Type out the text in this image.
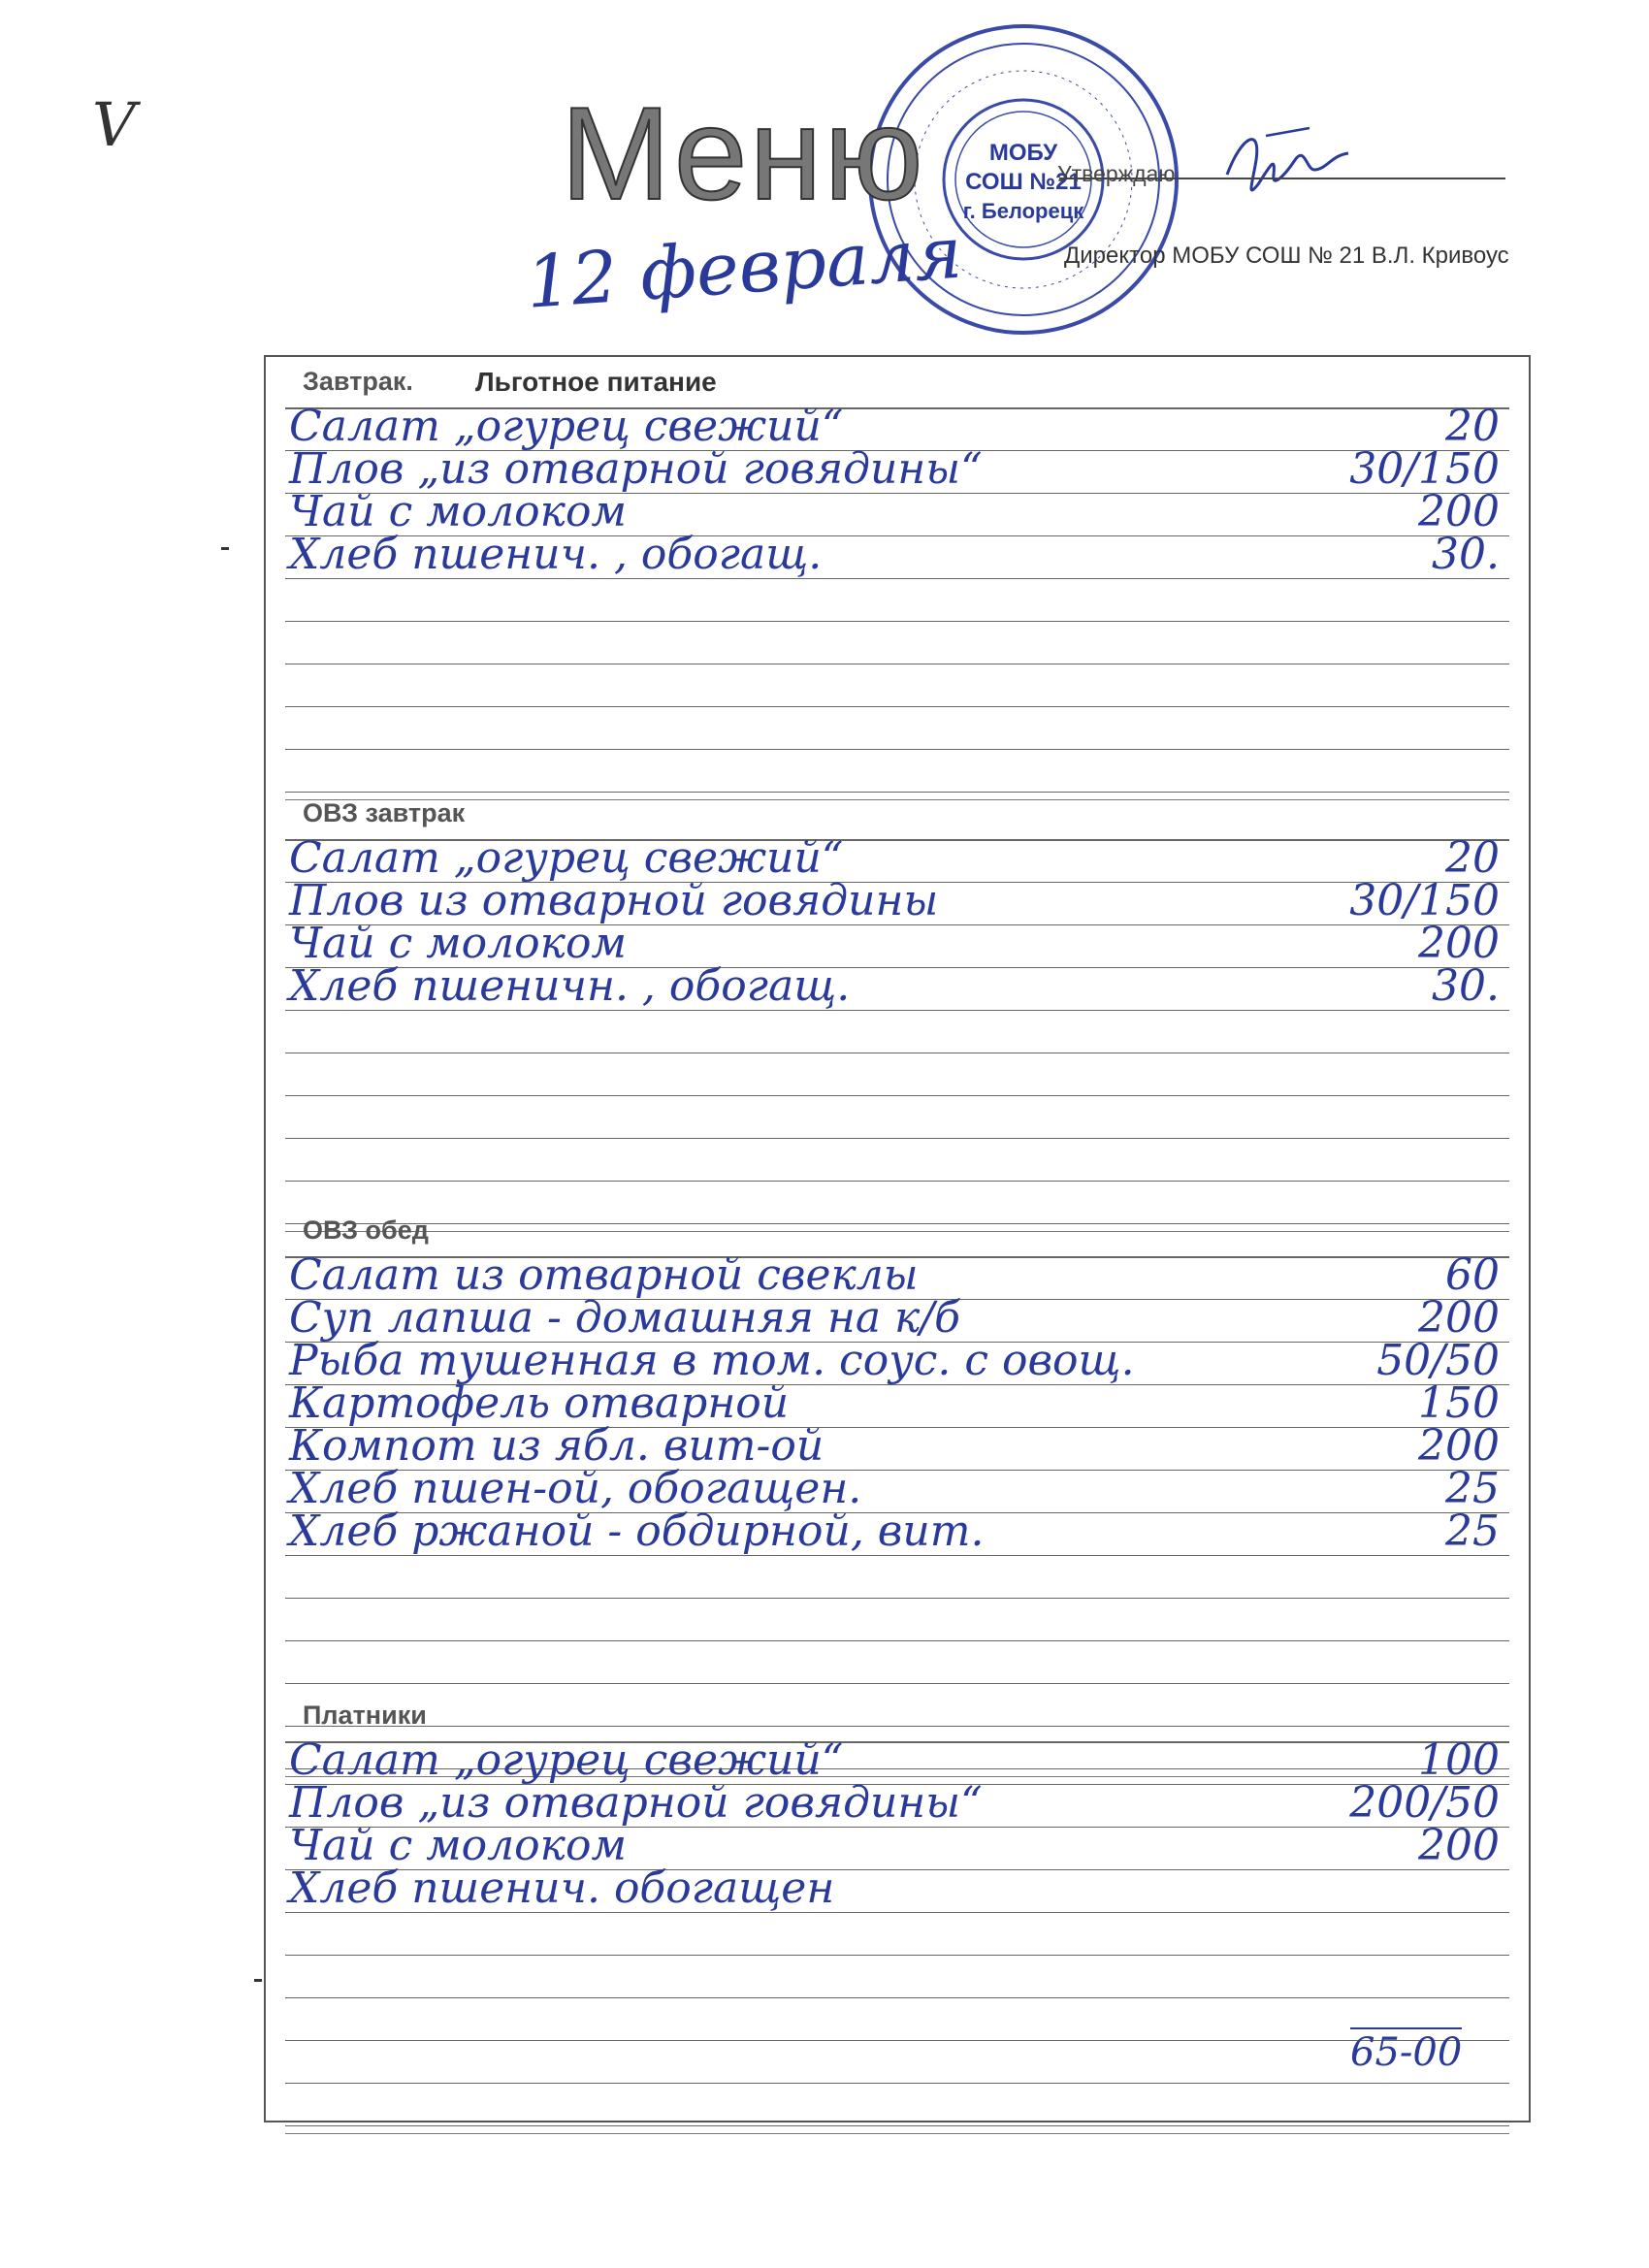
V	МОБУ
СОШ №21
г. Белорецк
Меню	Утверждаю
Директор МОБУ СОШ № 21 В.Л. Кривоус
12 февраля
Завтрак. Льготное питание
Салат „огурец свежий“	20
Плов „из отварной говядины“	30/150
Чай с молоком	200
Хлеб пшенич. , обогащ.	30.
ОВЗ завтрак
Салат „огурец свежий“	20
Плов из отварной говядины	30/150
Чай с молоком	200
Хлеб пшеничн. , обогащ.	30.
ОВЗ обед
Салат из отварной свеклы	60
Суп лапша - домашняя на к/б	200
Рыба тушенная в том. соус. с овощ.	50/50
Картофель отварной	150
Компот из ябл. вит-ой	200
Хлеб пшен-ой, обогащен.	25
Хлеб ржаной - обдирной, вит.	25
Платники
Салат „огурец свежий“	100
Плов „из отварной говядины“	200/50
Чай с молоком	200
Хлеб пшенич. обогащен
65-00
